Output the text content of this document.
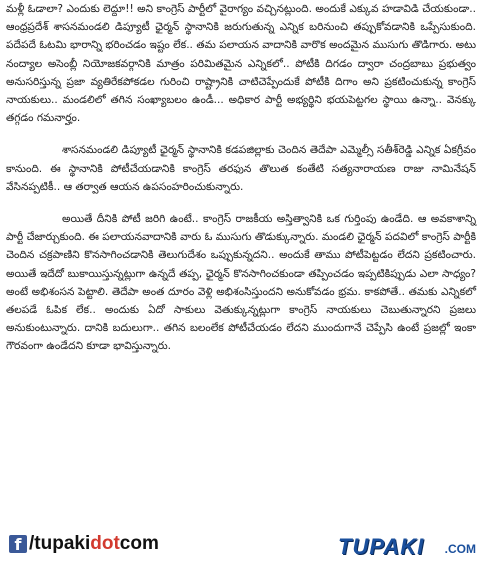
మళ్లీ ఓడాలా? ఎందుకు లెద్దూ!! అని కాంగ్రెస్ పార్టీలో వైరాగ్యం వచ్చినట్లుంది. అందుకే ఎక్కువ హడావిడి చేయకుండా.. ఆంధ్రప్రదేశ్ శాసనమండలి డిప్యూటీ ఛైర్మన్ స్థానానికి జరుగుతున్న ఎన్నిక బరినుంచి తప్పుకోవడానికి ఒప్పేసుకుంది. పదేపదే ఓటమి భారాన్ని భరించడం ఇష్టం లేక.. తమ పలాయన వాదానికి వారొక అందమైన ముసుగు తొడిగారు. అటు నంద్యాల అసెంబ్లీ నియోజకవర్గానికి మాత్రం పరిమితమైన ఎన్నికలో.. పోటీకి దిగడం ద్వారా చంద్రబాబు ప్రభుత్వం అనుసరిస్తున్న ప్రజా వ్యతిరేకపోకడల గురించి రాష్ట్రానికి చాటిచెప్పేందుకే పోటీకి దిగాం అని ప్రకటించుకున్న కాంగ్రెస్ నాయకులు.. మండలిలో తగిన సంఖ్యాబలం ఉండీ... అధికార పార్టీ అభ్యర్థిని భయపెట్టగల స్థాయి ఉన్నా.. వెనక్కు తగ్గడం గమనార్హం.

శాసనమండలి డిప్యూటీ ఛైర్మన్ స్థానానికి కడపజిల్లాకు చెందిన తెదేపా ఎమ్మెల్సీ సతీశ్‌రెడ్డి ఎన్నిక ఏకగ్రీవం కానుంది. ఈ స్థానానికి పోటీచేయడానికి కాంగ్రెస్ తరఫున తొలుత కంతేటి సత్యనారాయణ రాజు నామినేషన్ వేసినప్పటికీ.. ఆ తర్వాత ఆయన ఉపసంహరించుకున్నారు.

అయితే దీనికి పోటీ జరిగి ఉంటే.. కాంగ్రెస్ రాజకీయ అస్తిత్వానికి ఒక గుర్తింపు ఉండేది. ఆ అవకాశాన్ని పార్టీ చేజార్చుకుంది. ఈ పలాయనవాదానికి వారు ఓ ముసుగు తొడుక్కున్నారు. మండలి ఛైర్మన్ పదవిలో కాంగ్రెస్ పార్టీకి చెందిన చక్రపాణిని కొనసాగించడానికి తెలుగుదేశం ఒప్పుకున్నదని.. అందుకే తాము పోటీపెట్టడం లేదని ప్రకటించారు. అయితే ఇదేదో బుకాయిస్తున్నట్లుగా ఉన్నదే తప్ప, ఛైర్మన్ కొనసాగించకుండా తప్పించడం ఇప్పటికిప్పుడు ఎలా సాధ్యం? అంటే అభిశంసన పెట్టాలి. తెదేపా అంత దూరం వెళ్లి అభిశంసిస్తుందని అనుకోవడం భ్రమ. కాకపోతే.. తమకు ఎన్నికలో తలపడే ఓపిక లేక.. అందుకు ఏదో సాకులు వెతుక్కున్నట్లుగా కాంగ్రెస్ నాయకులు చెబుతున్నారని ప్రజలు అనుకుంటున్నారు. దానికి బదులుగా.. తగిన బలంలేక పోటీచేయడం లేదని ముందుగానే చెప్పేసి ఉంటే ప్రజల్లో ఇంకా గౌరవంగా ఉండేదని కూడా భావిస్తున్నారు.

f /tupakidotcom	TUPAKI .COM
